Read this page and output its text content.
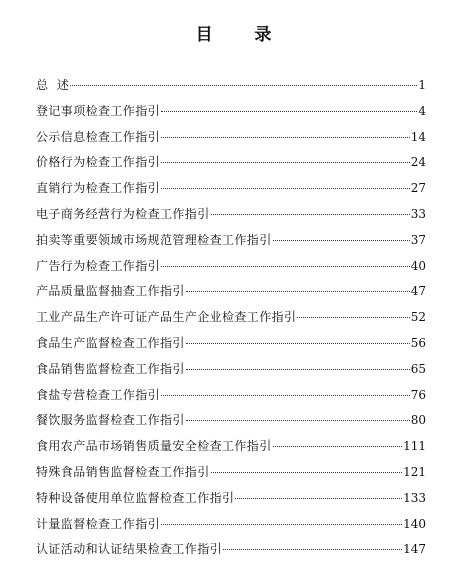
目  录
总  述	1
登记事项检查工作指引	4
公示信息检查工作指引	14
价格行为检查工作指引	24
直销行为检查工作指引	27
电子商务经营行为检查工作指引	33
拍卖等重要领域市场规范管理检查工作指引	37
广告行为检查工作指引	40
产品质量监督抽查工作指引	47
工业产品生产许可证产品生产企业检查工作指引	52
食品生产监督检查工作指引	56
食品销售监督检查工作指引	65
食盐专营检查工作指引	76
餐饮服务监督检查工作指引	80
食用农产品市场销售质量安全检查工作指引	111
特殊食品销售监督检查工作指引	121
特种设备使用单位监督检查工作指引	133
计量监督检查工作指引	140
认证活动和认证结果检查工作指引	147
